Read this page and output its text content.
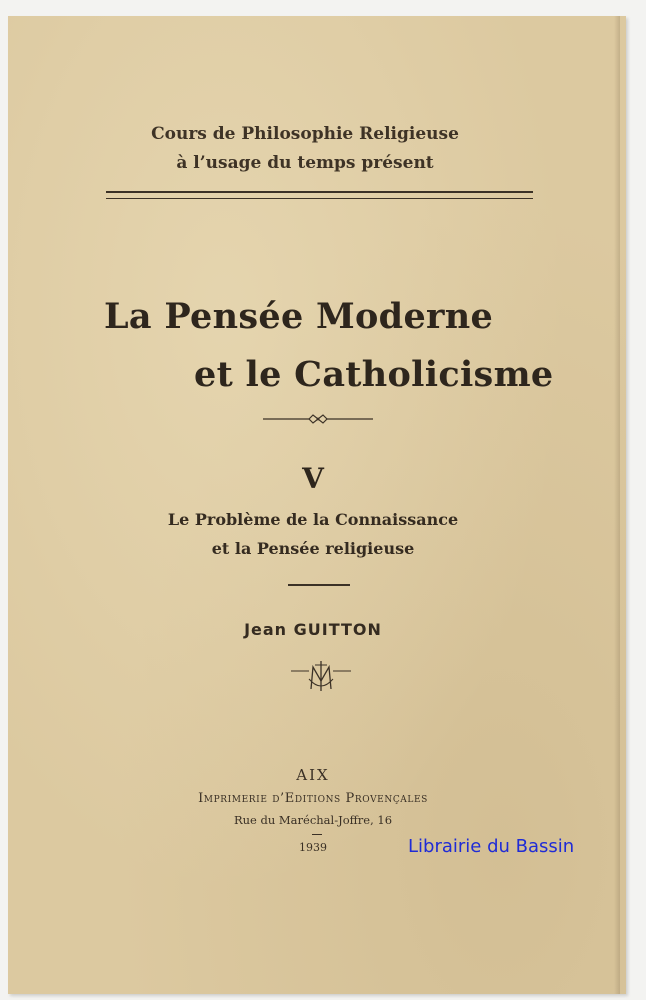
Cours de Philosophie Religieuse
à l’usage du temps présent
La Pensée Moderne
et le Catholicisme
V
Le Problème de la Connaissance
et la Pensée religieuse
Jean GUITTON
AIX
Imprimerie d’Editions Provençales
Rue du Maréchal-Joffre, 16
1939	Librairie du Bassin
